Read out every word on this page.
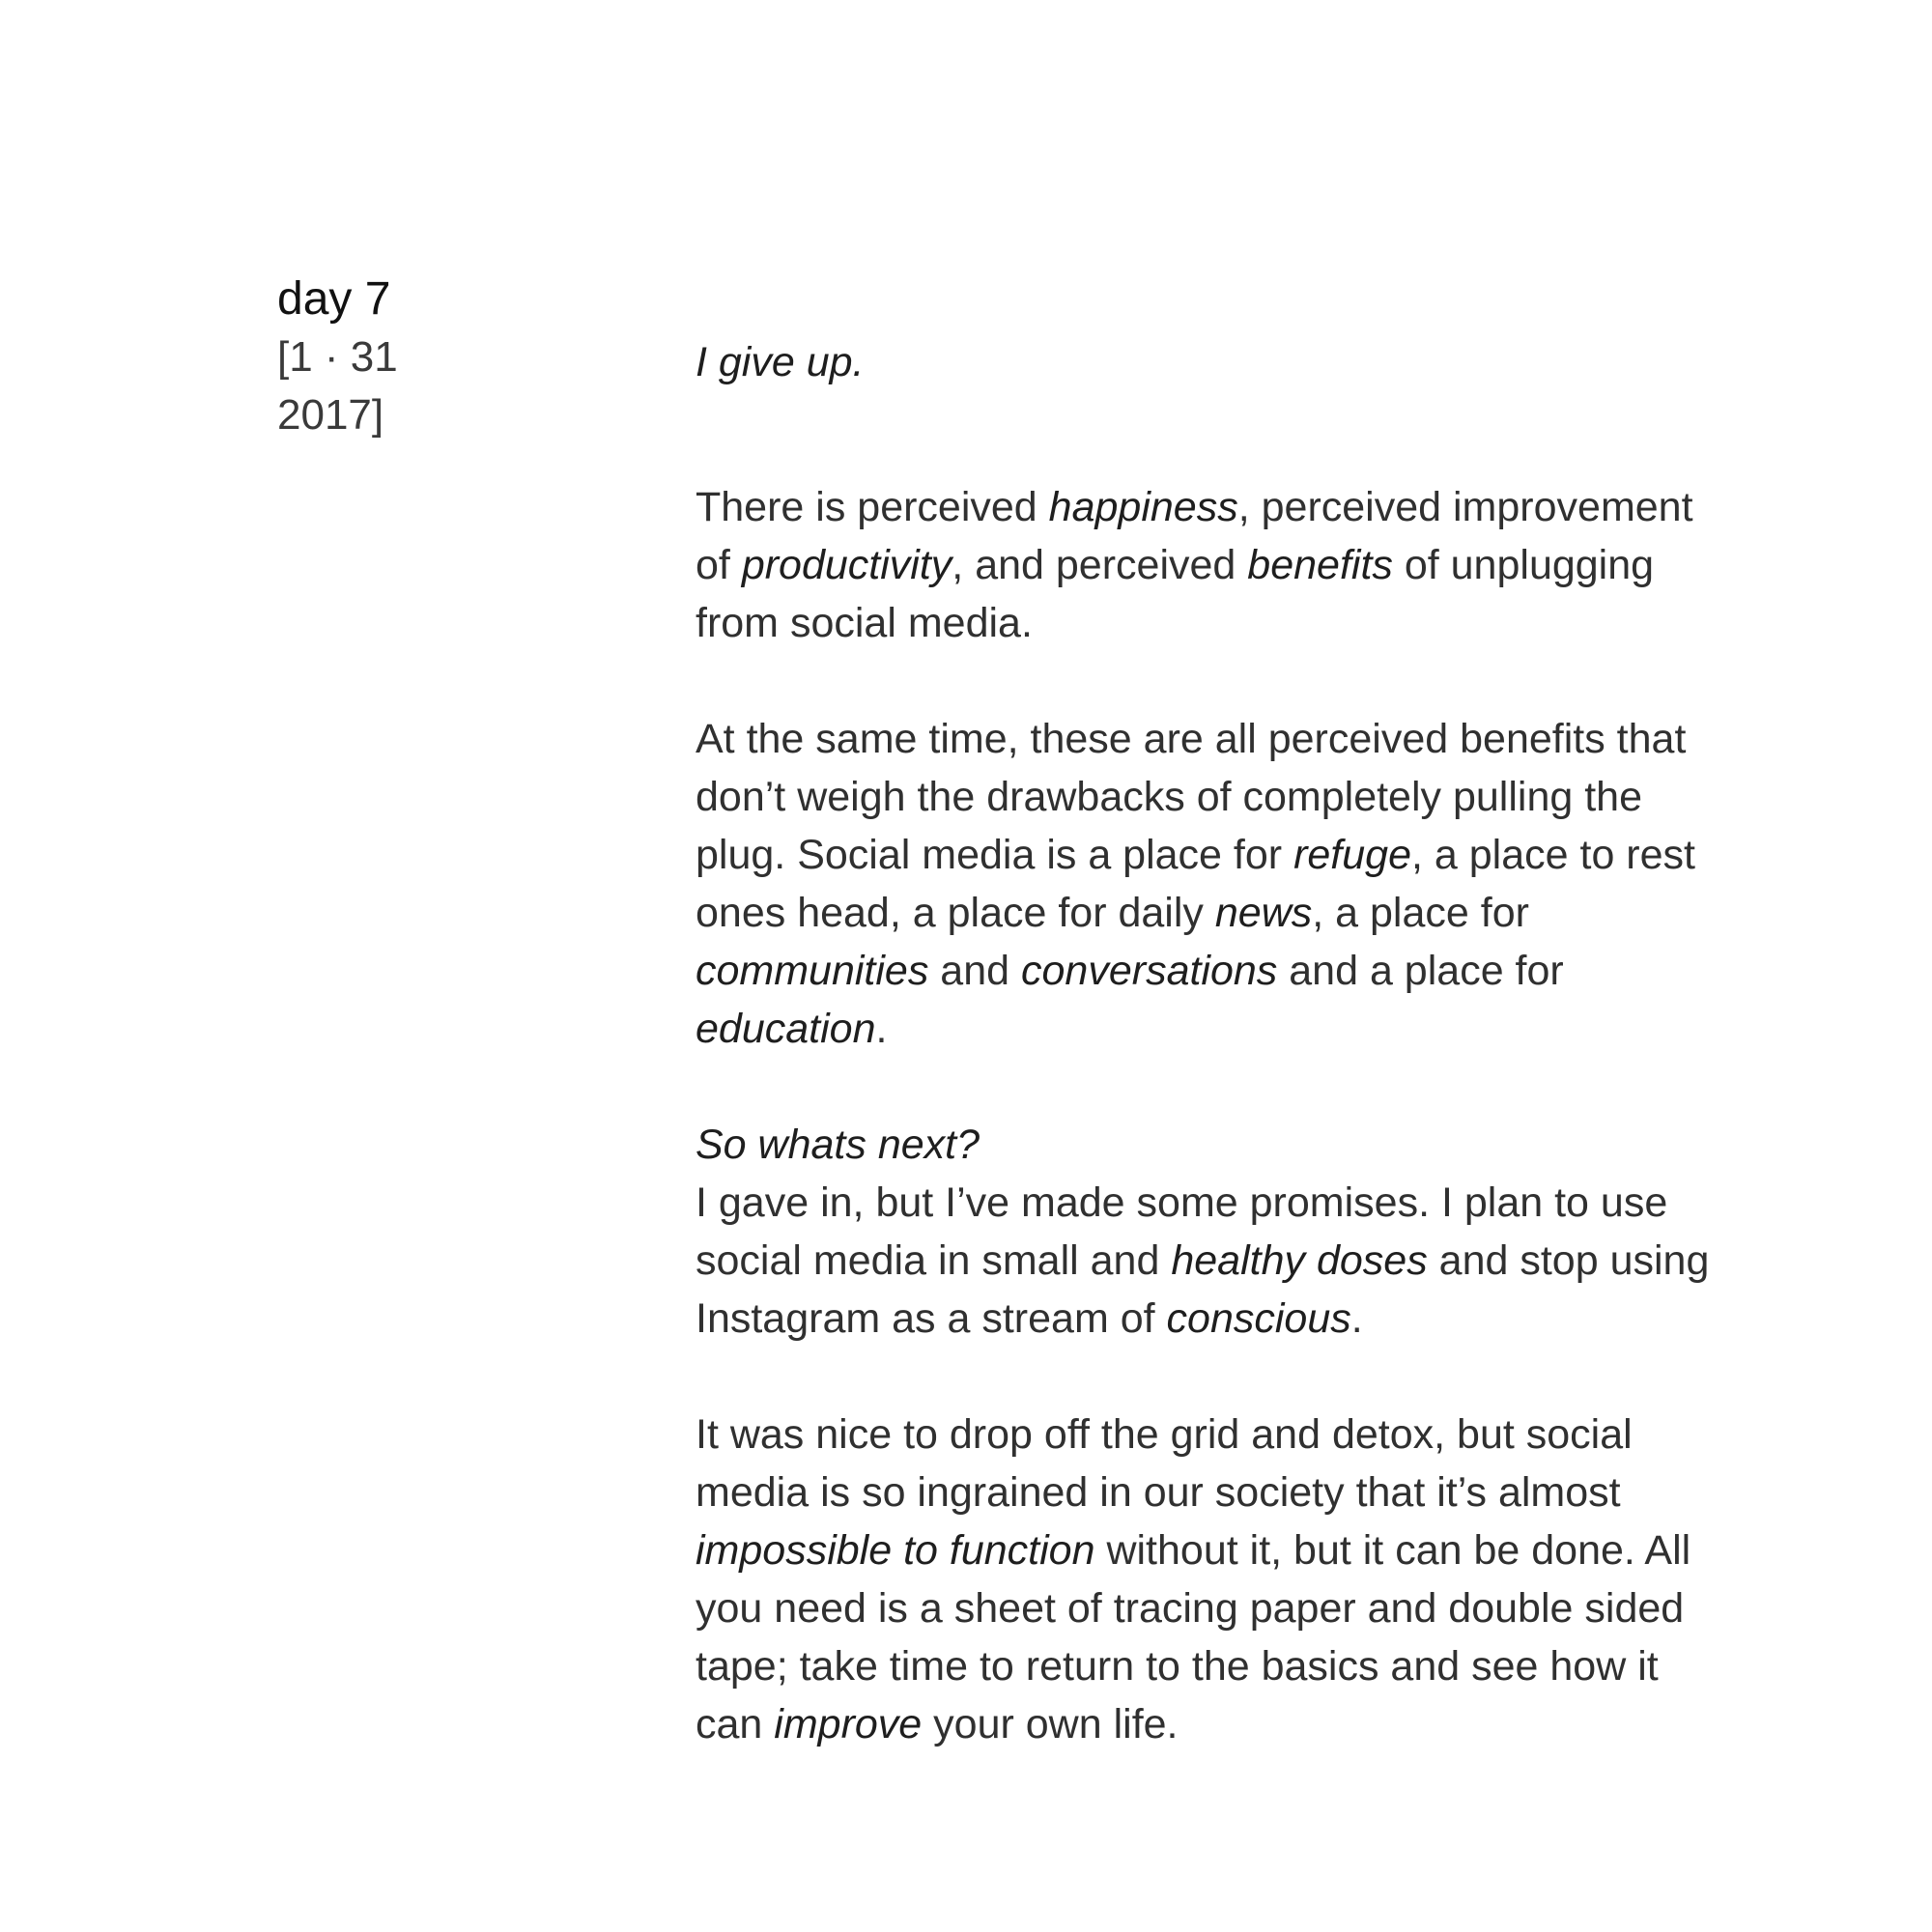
day 7
[1 · 31
2017]

I give up.

There is perceived happiness, perceived improvement of productivity, and perceived benefits of unplugging from social media.

At the same time, these are all perceived benefits that don’t weigh the drawbacks of completely pulling the plug. Social media is a place for refuge, a place to rest ones head, a place for daily news, a place for communities and conversations and a place for education.

So whats next?

I gave in, but I’ve made some promises. I plan to use social media in small and healthy doses and stop using Instagram as a stream of conscious.

It was nice to drop off the grid and detox, but social media is so ingrained in our society that it’s almost impossible to function without it, but it can be done. All you need is a sheet of tracing paper and double sided tape; take time to return to the basics and see how it can improve your own life.
